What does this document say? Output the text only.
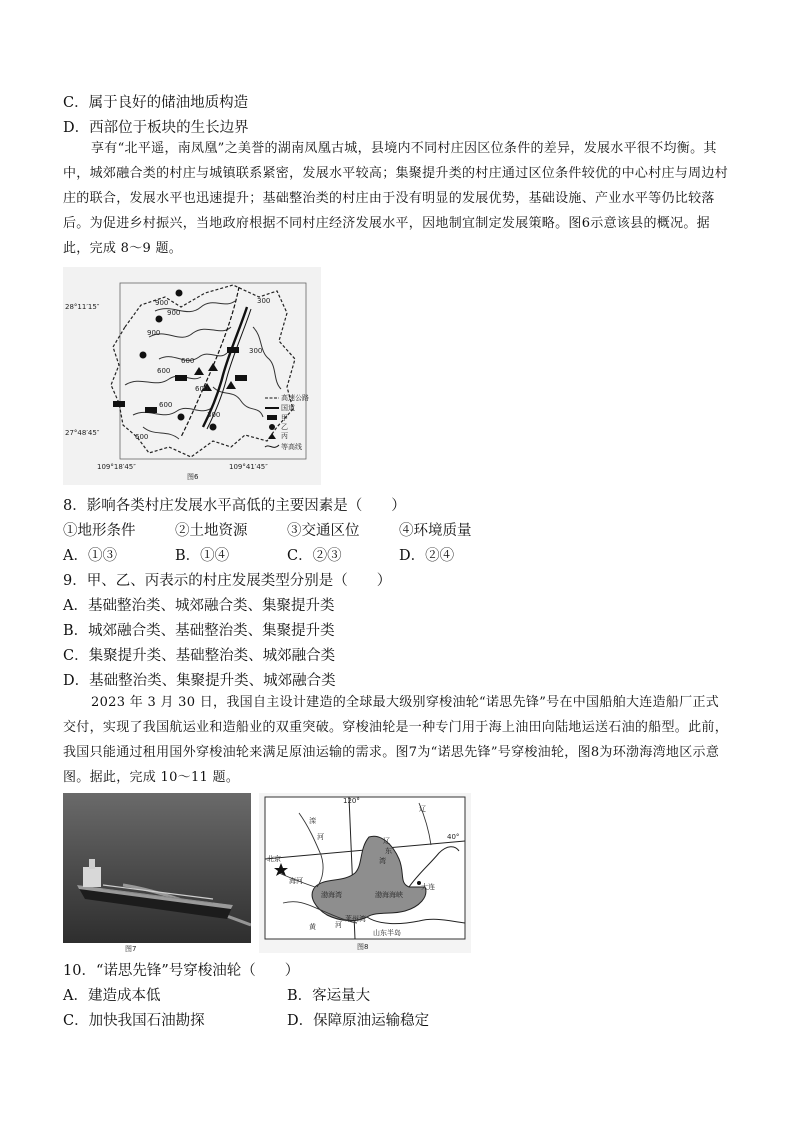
C．属于良好的储油地质构造
D．西部位于板块的生长边界
享有“北平遥，南凤凰”之美誉的湖南凤凰古城，县境内不同村庄因区位条件的差异，发展水平很不均衡。其中，城郊融合类的村庄与城镇联系紧密，发展水平较高；集聚提升类的村庄通过区位条件较优的中心村庄与周边村庄的联合，发展水平也迅速提升；基础整治类的村庄由于没有明显的发展优势，基础设施、产业水平等仍比较落后。为促进乡村振兴，当地政府根据不同村庄经济发展水平，因地制宜制定发展策略。图6示意该县的概况。据此，完成 8～9 题。
900
900
900
600
600
600
600
300
300
300
600
28°11′15″
27°48′45″
109°18′45″	109°41′45″
高速公路
国道
甲
乙
丙
等高线
图6
8．影响各类村庄发展水平高低的主要因素是（　　）
①地形条件	②土地资源	③交通区位	④环境质量
A．①③	B．①④	C．②③	D．②④
9．甲、乙、丙表示的村庄发展类型分别是（　　）
A．基础整治类、城郊融合类、集聚提升类
B．城郊融合类、基础整治类、集聚提升类
C．集聚提升类、基础整治类、城郊融合类
D．基础整治类、集聚提升类、城郊融合类
2023 年 3 月 30 日，我国自主设计建造的全球最大级别穿梭油轮“诺思先锋”号在中国船舶大连造船厂正式交付，实现了我国航运业和造船业的双重突破。穿梭油轮是一种专门用于海上油田向陆地运送石油的船型。此前，我国只能通过租用国外穿梭油轮来满足原油运输的需求。图7为“诺思先锋”号穿梭油轮，图8为环渤海湾地区示意图。据此，完成 10～11 题。
图7
120°
40°
辽
滦
河	辽
东
湾
北京
海河
渤海湾	渤海海峡
大连
莱州湾
黄	河
山东半岛
图8
10．“诺思先锋”号穿梭油轮（　　）
A．建造成本低	B．客运量大
C．加快我国石油勘探	D．保障原油运输稳定
